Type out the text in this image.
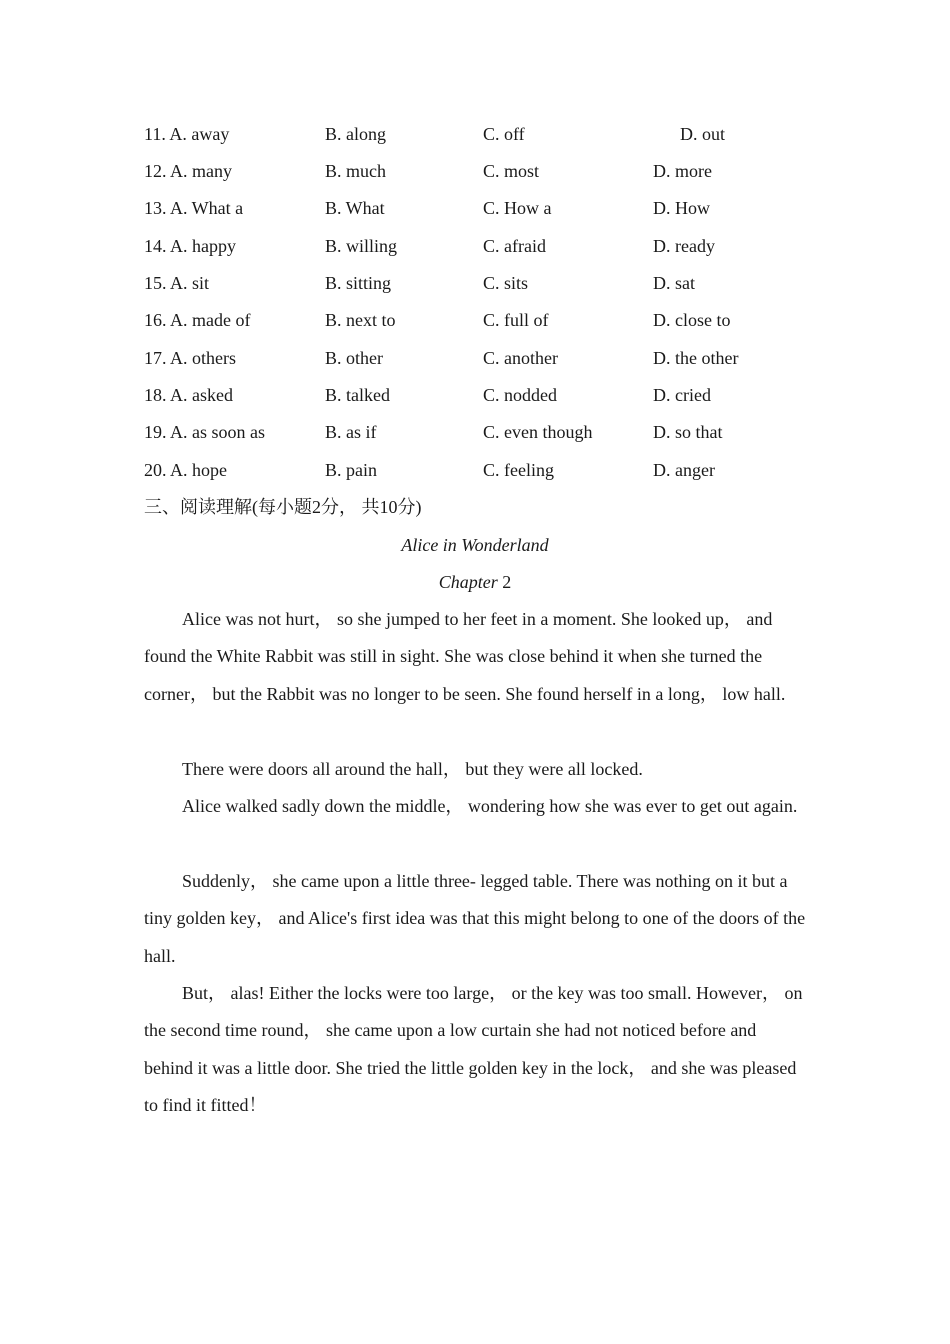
11. A. away	B. along	C. off	D. out
12. A. many	B. much	C. most	D. more
13. A. What a	B. What	C. How a	D. How
14. A. happy	B. willing	C. afraid	D. ready
15. A. sit	B. sitting	C. sits	D. sat
16. A. made of	B. next to	C. full of	D. close to
17. A. others	B. other	C. another	D. the other
18. A. asked	B. talked	C. nodded	D. cried
19. A. as soon as	B. as if	C. even though	D. so that
20. A. hope	B. pain	C. feeling	D. anger
三、阅读理解(每小题2分， 共10分)
Alice in Wonderland
Chapter 2

Alice was not hurt， so she jumped to her feet in a moment. She looked up， and found the White Rabbit was still in sight. She was close behind it when she turned the corner， but the Rabbit was no longer to be seen. She found herself in a long， low hall.

There were doors all around the hall， but they were all locked.

Alice walked sadly down the middle， wondering how she was ever to get out again.

Suddenly， she came upon a little three- legged table. There was nothing on it but a tiny golden key， and Alice's first idea was that this might belong to one of the doors of the hall.

But， alas! Either the locks were too large， or the key was too small. However， on the second time round， she came upon a low curtain she had not noticed before and behind it was a little door. She tried the little golden key in the lock， and she was pleased to find it fitted！
